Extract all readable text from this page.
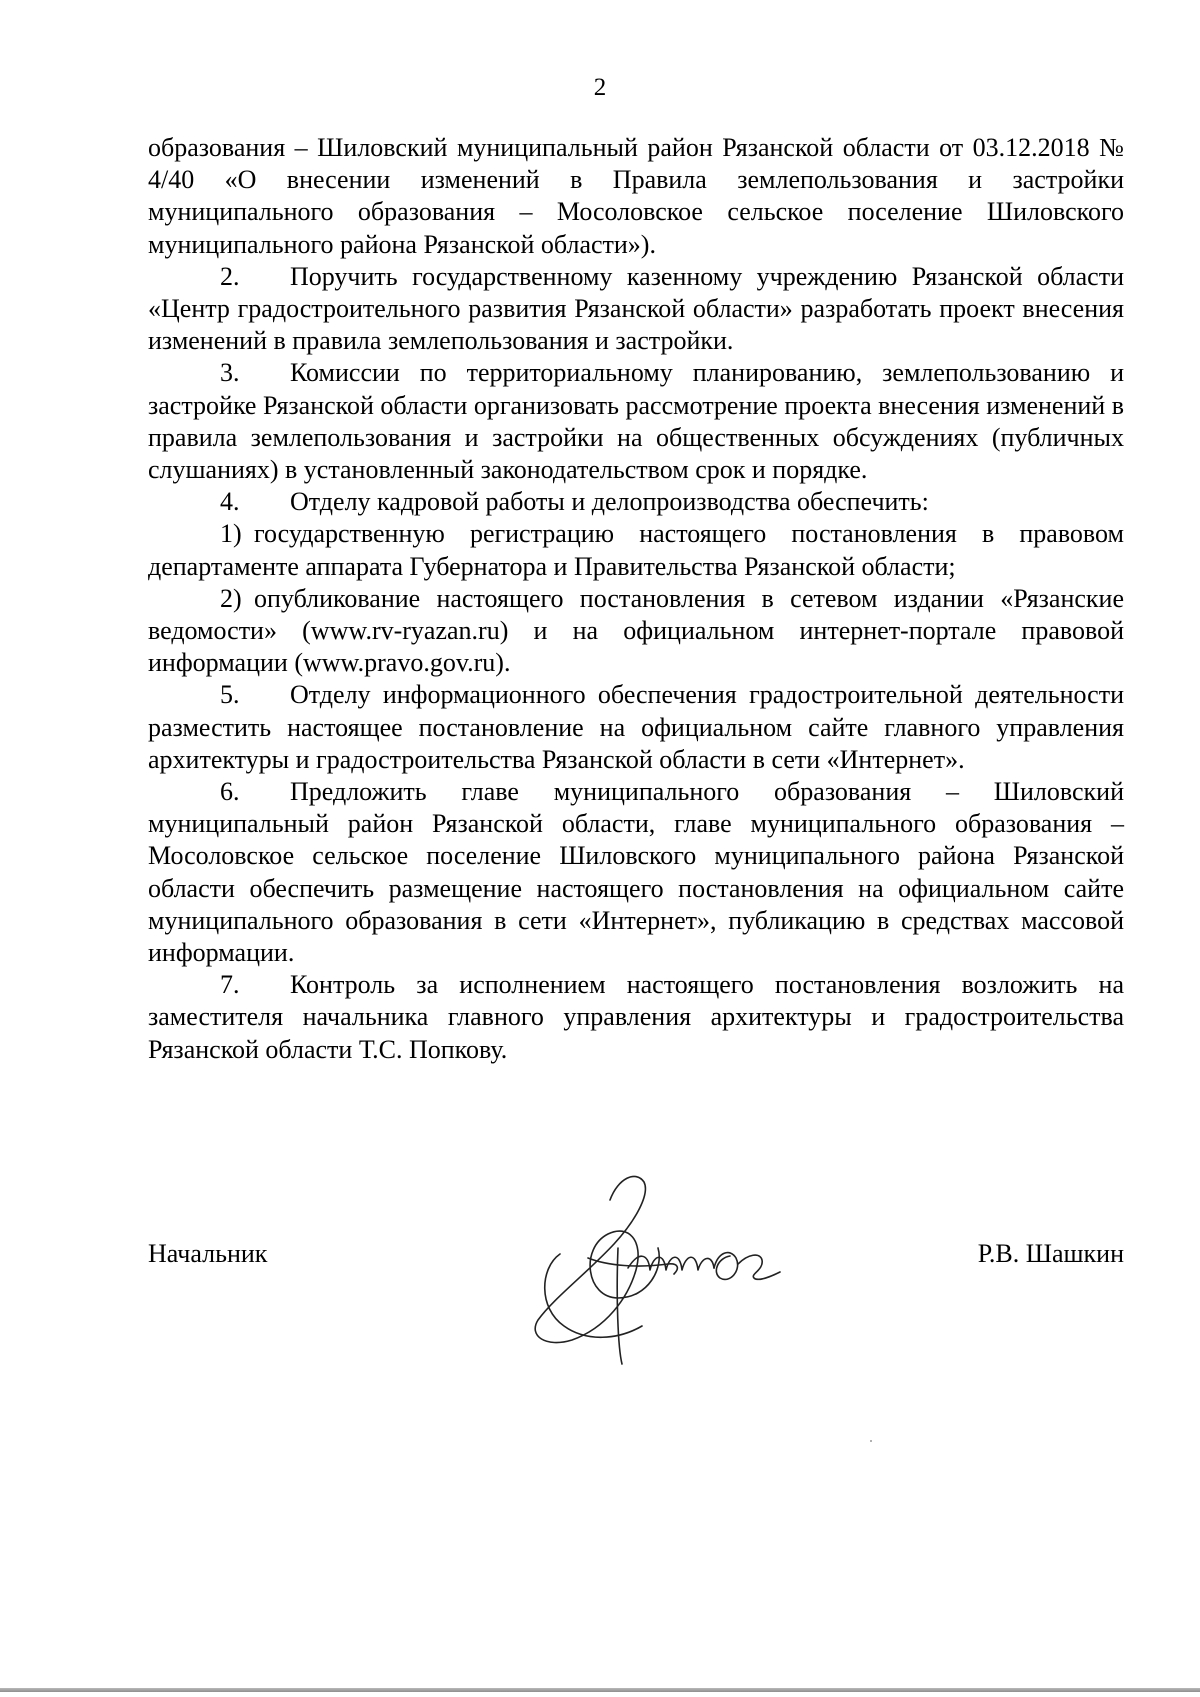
2

образования – Шиловский муниципальный район Рязанской области от 03.12.2018 № 4/40 «О внесении изменений в Правила землепользования и застройки муниципального образования – Мосоловское сельское поселение Шиловского муниципального района Рязанской области»).

2. Поручить государственному казенному учреждению Рязанской области «Центр градостроительного развития Рязанской области» разработать проект внесения изменений в правила землепользования и застройки.

3. Комиссии по территориальному планированию, землепользованию и застройке Рязанской области организовать рассмотрение проекта внесения изменений в правила землепользования и застройки на общественных обсуждениях (публичных слушаниях) в установленный законодательством срок и порядке.

4. Отделу кадровой работы и делопроизводства обеспечить:

1) государственную регистрацию настоящего постановления в правовом департаменте аппарата Губернатора и Правительства Рязанской области;

2) опубликование настоящего постановления в сетевом издании «Рязанские ведомости» (www.rv-ryazan.ru) и на официальном интернет-портале правовой информации (www.pravo.gov.ru).

5. Отделу информационного обеспечения градостроительной деятельности разместить настоящее постановление на официальном сайте главного управления архитектуры и градостроительства Рязанской области в сети «Интернет».

6. Предложить главе муниципального образования – Шиловский муниципальный район Рязанской области, главе муниципального образования – Мосоловское сельское поселение Шиловского муниципального района Рязанской области обеспечить размещение настоящего постановления на официальном сайте муниципального образования в сети «Интернет», публикацию в средствах массовой информации.

7. Контроль за исполнением настоящего постановления возложить на заместителя начальника главного управления архитектуры и градостроительства Рязанской области Т.С. Попкову.

Начальник	Р.В. Шашкин
